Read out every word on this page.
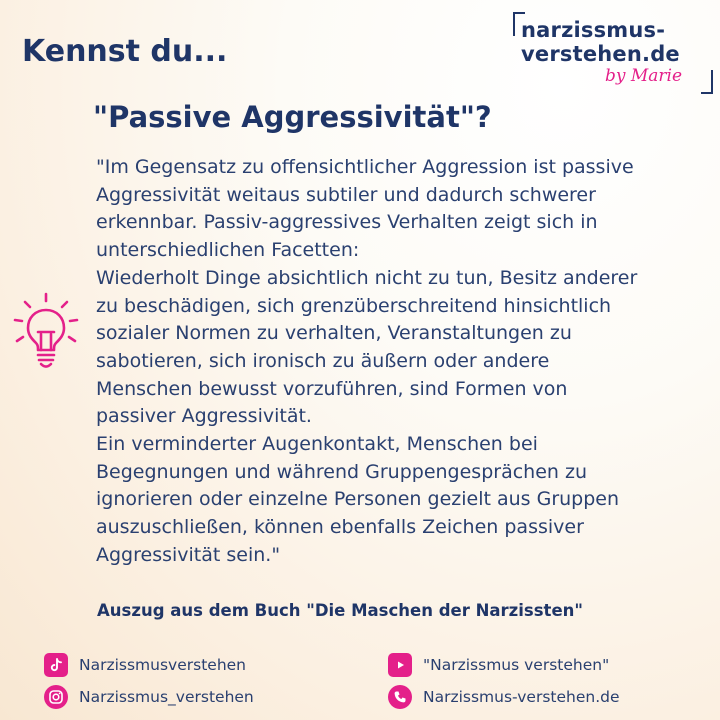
Kennst du...
narzissmus-
verstehen.de
by Marie
"Passive Aggressivität"?

"Im Gegensatz zu offensichtlicher Aggression ist passive

Aggressivität weitaus subtiler und dadurch schwerer

erkennbar. Passiv-aggressives Verhalten zeigt sich in

unterschiedlichen Facetten:

Wiederholt Dinge absichtlich nicht zu tun, Besitz anderer

zu beschädigen, sich grenzüberschreitend hinsichtlich

sozialer Normen zu verhalten, Veranstaltungen zu

sabotieren, sich ironisch zu äußern oder andere

Menschen bewusst vorzuführen, sind Formen von

passiver Aggressivität.

Ein verminderter Augenkontakt, Menschen bei

Begegnungen und während Gruppengesprächen zu

ignorieren oder einzelne Personen gezielt aus Gruppen

auszuschließen, können ebenfalls Zeichen passiver

Aggressivität sein."

Auszug aus dem Buch "Die Maschen der Narzissten"
Narzissmusverstehen
Narzissmus_verstehen
"Narzissmus verstehen"
Narzissmus-verstehen.de
